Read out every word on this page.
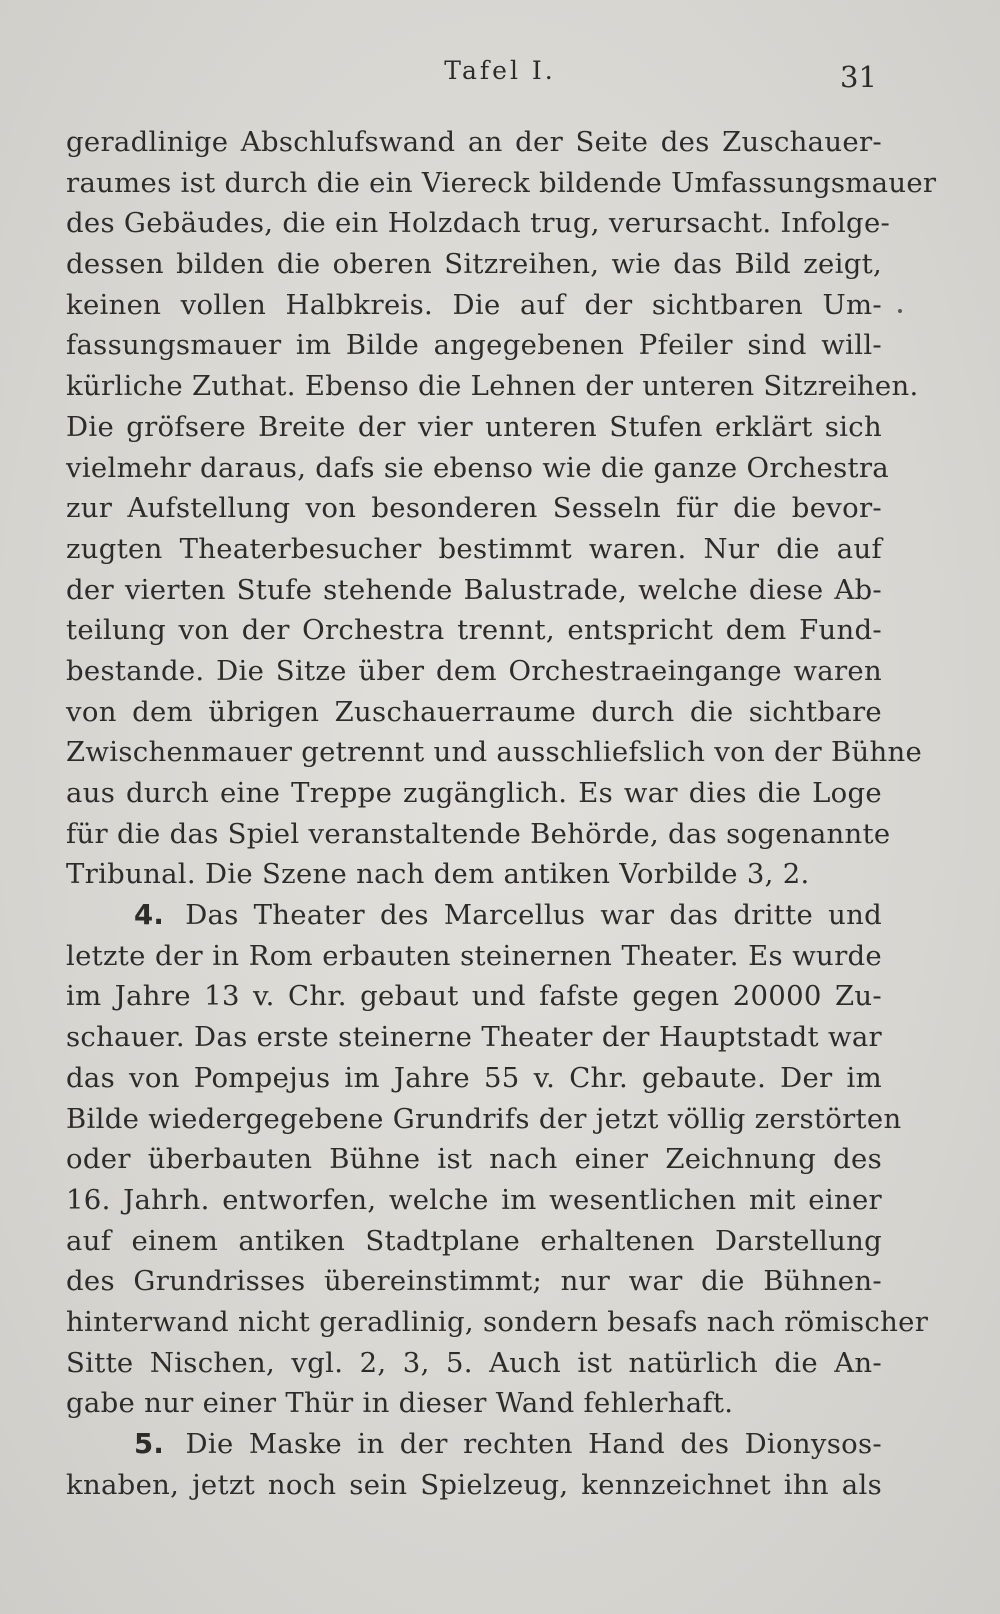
Tafel I.	31
geradlinige Abschlufswand an der Seite des Zuschauer-
raumes ist durch die ein Viereck bildende Umfassungsmauer
des Gebäudes, die ein Holzdach trug, verursacht. Infolge-
dessen bilden die oberen Sitzreihen, wie das Bild zeigt,
keinen vollen Halbkreis. Die auf der sichtbaren Um-
fassungsmauer im Bilde angegebenen Pfeiler sind will-
kürliche Zuthat. Ebenso die Lehnen der unteren Sitzreihen.
Die gröfsere Breite der vier unteren Stufen erklärt sich
vielmehr daraus, dafs sie ebenso wie die ganze Orchestra
zur Aufstellung von besonderen Sesseln für die bevor-
zugten Theaterbesucher bestimmt waren. Nur die auf
der vierten Stufe stehende Balustrade, welche diese Ab-
teilung von der Orchestra trennt, entspricht dem Fund-
bestande. Die Sitze über dem Orchestraeingange waren
von dem übrigen Zuschauerraume durch die sichtbare
Zwischenmauer getrennt und ausschliefslich von der Bühne
aus durch eine Treppe zugänglich. Es war dies die Loge
für die das Spiel veranstaltende Behörde, das sogenannte
Tribunal. Die Szene nach dem antiken Vorbilde 3, 2.
4. Das Theater des Marcellus war das dritte und
letzte der in Rom erbauten steinernen Theater. Es wurde
im Jahre 13 v. Chr. gebaut und fafste gegen 20000 Zu-
schauer. Das erste steinerne Theater der Hauptstadt war
das von Pompejus im Jahre 55 v. Chr. gebaute. Der im
Bilde wiedergegebene Grundrifs der jetzt völlig zerstörten
oder überbauten Bühne ist nach einer Zeichnung des
16. Jahrh. entworfen, welche im wesentlichen mit einer
auf einem antiken Stadtplane erhaltenen Darstellung
des Grundrisses übereinstimmt; nur war die Bühnen-
hinterwand nicht geradlinig, sondern besafs nach römischer
Sitte Nischen, vgl. 2, 3, 5. Auch ist natürlich die An-
gabe nur einer Thür in dieser Wand fehlerhaft.
5. Die Maske in der rechten Hand des Dionysos-
knaben, jetzt noch sein Spielzeug, kennzeichnet ihn als
